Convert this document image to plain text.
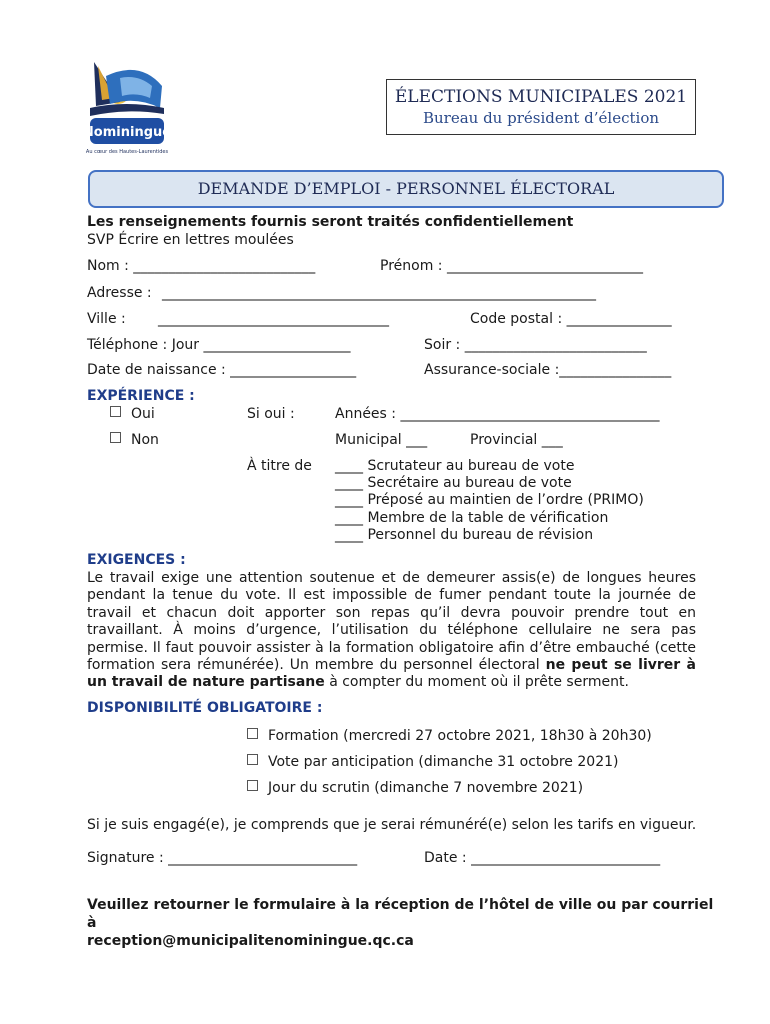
Nominingue
Au cœur des Hautes-Laurentides
ÉLECTIONS MUNICIPALES 2021
Bureau du président d’élection
DEMANDE D’EMPLOI - PERSONNEL ÉLECTORAL
Les renseignements fournis seront traités confidentiellement
SVP Écrire en lettres moulées
Nom : __________________________	Prénom : ____________________________
Adresse : ______________________________________________________________
Ville : _________________________________	Code postal : _______________
Téléphone : Jour _____________________	Soir : __________________________
Date de naissance : __________________	Assurance-sociale :________________
EXPÉRIENCE :
Oui
Non
Si oui :	Années : _____________________________________
Municipal ___	Provincial ___
À titre de ____ Scrutateur au bureau de vote
____ Secrétaire au bureau de vote
____ Préposé au maintien de l’ordre (PRIMO)
____ Membre de la table de vérification
____ Personnel du bureau de révision
EXIGENCES :
Le travail exige une attention soutenue et de demeurer assis(e) de longues heures pendant la tenue du vote. Il est impossible de fumer pendant toute la journée de travail et chacun doit apporter son repas qu’il devra pouvoir prendre tout en travaillant. À moins d’urgence, l’utilisation du téléphone cellulaire ne sera pas permise. Il faut pouvoir assister à la formation obligatoire afin d’être embauché (cette formation sera rémunérée). Un membre du personnel électoral ne peut se livrer à un travail de nature partisane à compter du moment où il prête serment.
DISPONIBILITÉ OBLIGATOIRE :
Formation (mercredi 27 octobre 2021, 18h30 à 20h30)
Vote par anticipation (dimanche 31 octobre 2021)
Jour du scrutin (dimanche 7 novembre 2021)
Si je suis engagé(e), je comprends que je serai rémunéré(e) selon les tarifs en vigueur.
Signature : ___________________________	Date : ___________________________
Veuillez retourner le formulaire à la réception de l’hôtel de ville ou par courriel à
reception@municipalitenominingue.qc.ca
